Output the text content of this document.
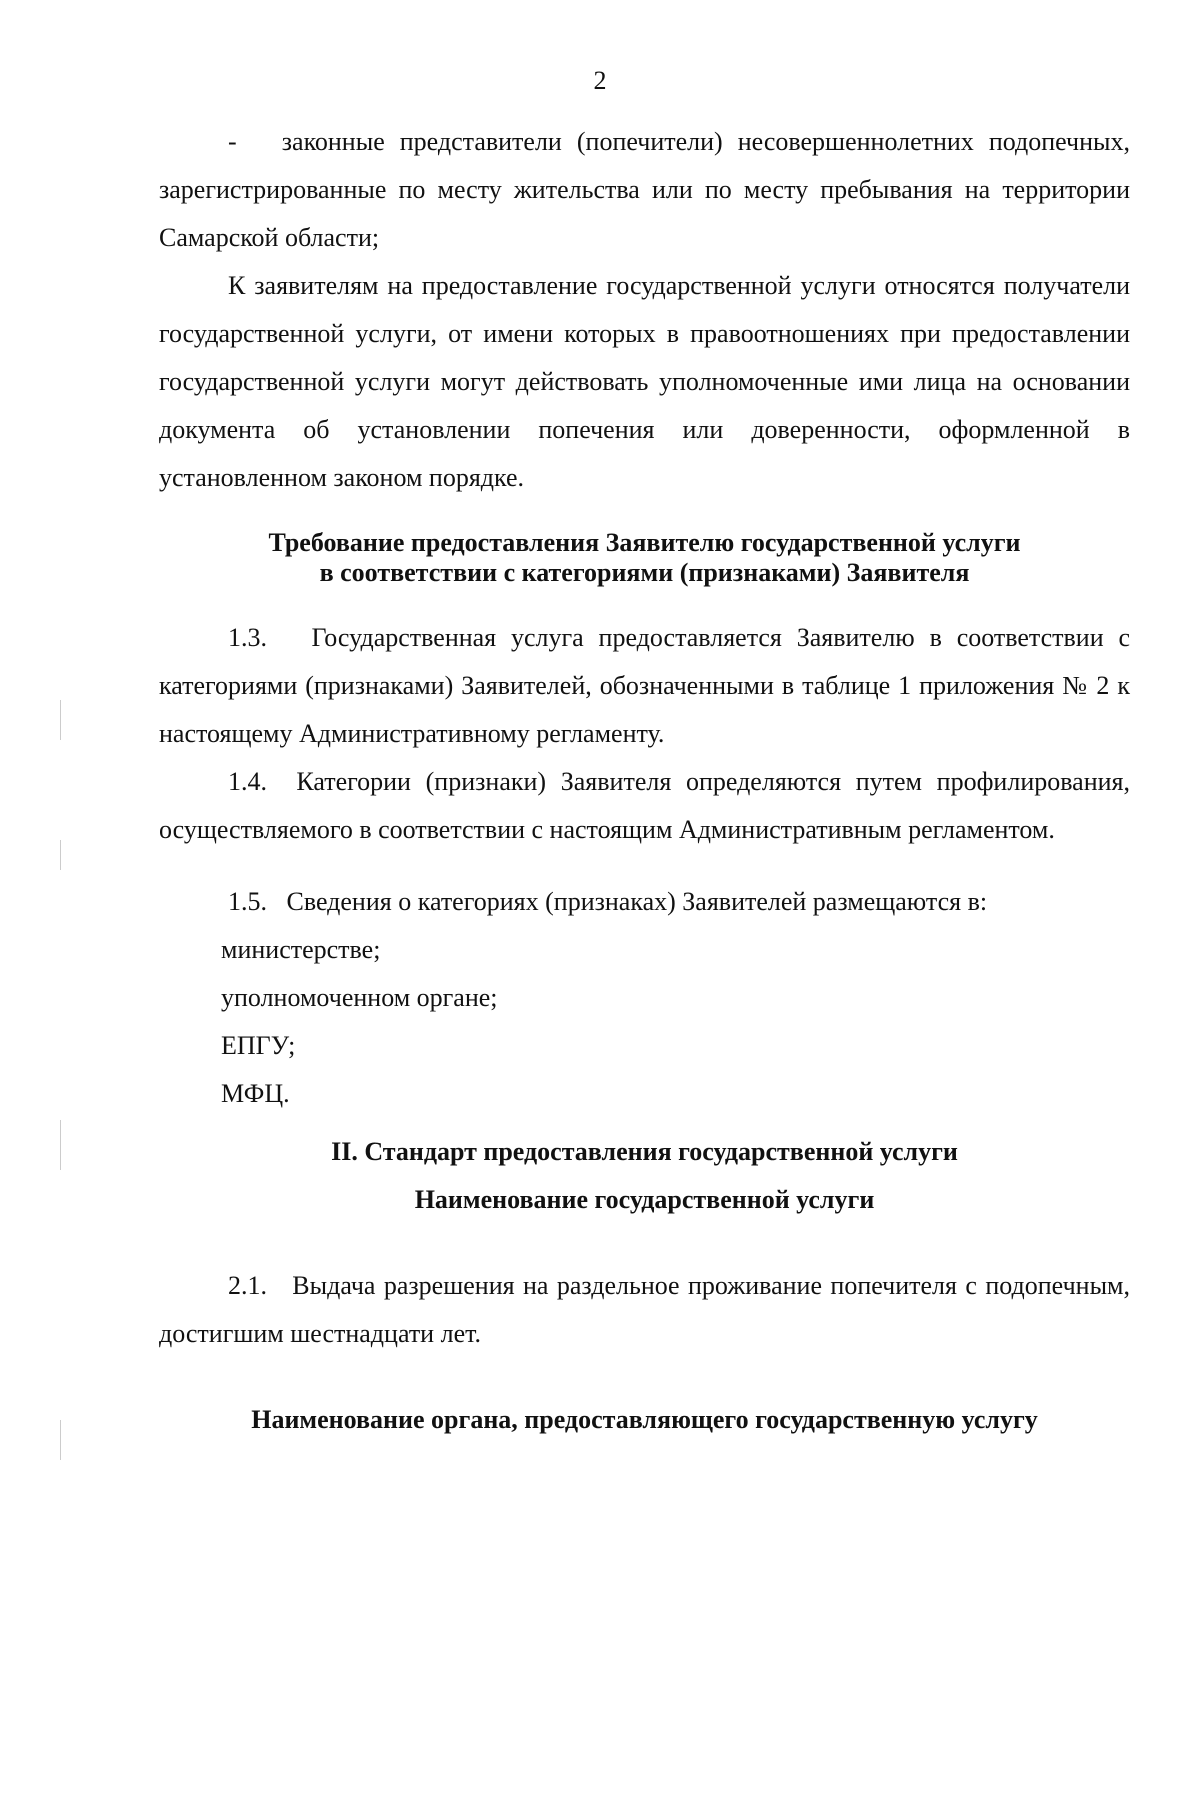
2

-   законные представители (попечители) несовершеннолетних подопечных, зарегистрированные по месту жительства или по месту пребывания на территории Самарской области;

К заявителям на предоставление государственной услуги относятся получатели государственной услуги, от имени которых в правоотношениях при предоставлении государственной услуги могут действовать уполномоченные ими лица на основании документа об установлении попечения или доверенности, оформленной в установленном законом порядке.

Требование предоставления Заявителю государственной услуги
в соответствии с категориями (признаками) Заявителя

1.3.   Государственная услуга предоставляется Заявителю в соответствии с категориями (признаками) Заявителей, обозначенными в таблице 1 приложения № 2 к настоящему Административному регламенту.

1.4.  Категории (признаки) Заявителя определяются путем профилирования, осуществляемого в соответствии с настоящим Административным регламентом.

1.5.   Сведения о категориях (признаках) Заявителей размещаются в:

министерстве;
уполномоченном органе;
ЕПГУ;
МФЦ.
II. Стандарт предоставления государственной услуги
Наименование государственной услуги

2.1.   Выдача разрешения на раздельное проживание попечителя с подопечным, достигшим шестнадцати лет.

Наименование органа, предоставляющего государственную услугу
